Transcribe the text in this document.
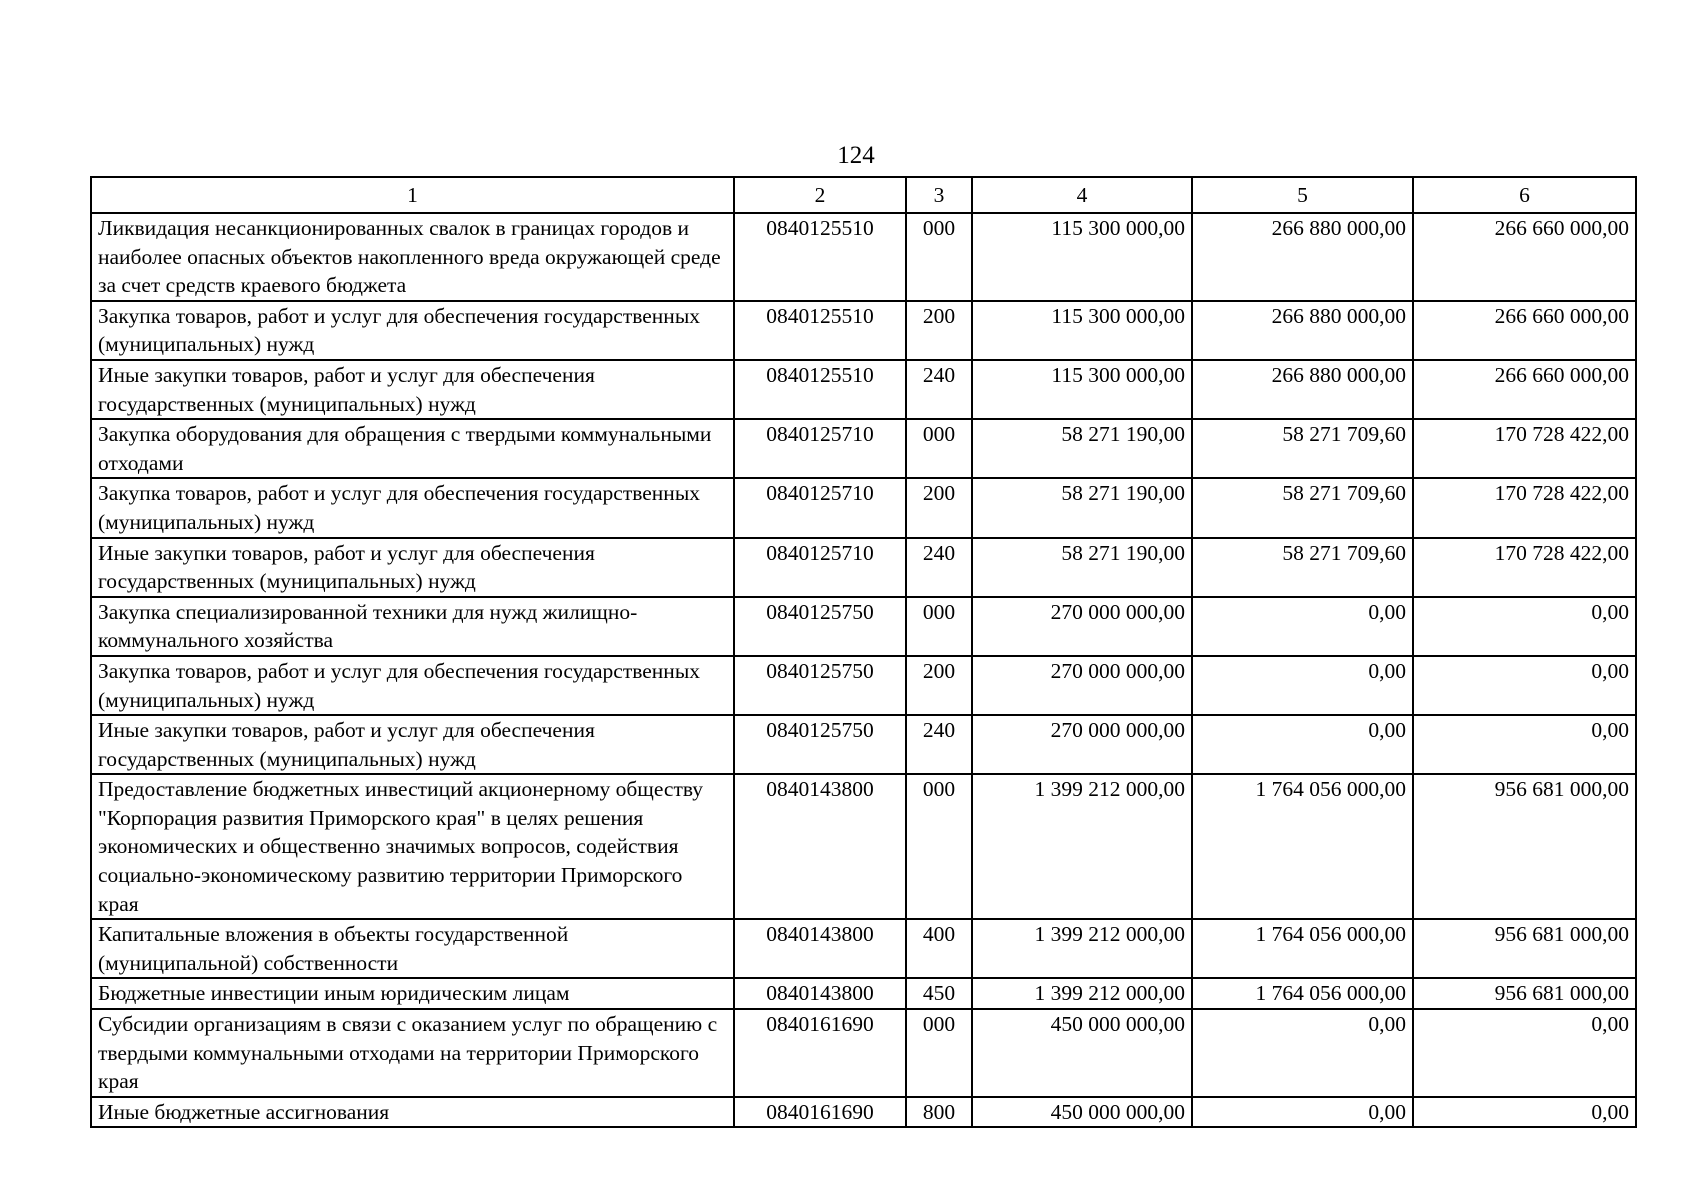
124
1	2	3	4	5	6
Ликвидация несанкционированных свалок в границах городов и наиболее опасных объектов накопленного вреда окружающей среде за счет средств краевого бюджета	0840125510	000	115 300 000,00	266 880 000,00	266 660 000,00
Закупка товаров, работ и услуг для обеспечения государственных (муниципальных) нужд	0840125510	200	115 300 000,00	266 880 000,00	266 660 000,00
Иные закупки товаров, работ и услуг для обеспечения государственных (муниципальных) нужд	0840125510	240	115 300 000,00	266 880 000,00	266 660 000,00
Закупка оборудования для обращения с твердыми коммунальными отходами	0840125710	000	58 271 190,00	58 271 709,60	170 728 422,00
Закупка товаров, работ и услуг для обеспечения государственных (муниципальных) нужд	0840125710	200	58 271 190,00	58 271 709,60	170 728 422,00
Иные закупки товаров, работ и услуг для обеспечения государственных (муниципальных) нужд	0840125710	240	58 271 190,00	58 271 709,60	170 728 422,00
Закупка специализированной техники для нужд жилищно-коммунального хозяйства	0840125750	000	270 000 000,00	0,00	0,00
Закупка товаров, работ и услуг для обеспечения государственных (муниципальных) нужд	0840125750	200	270 000 000,00	0,00	0,00
Иные закупки товаров, работ и услуг для обеспечения государственных (муниципальных) нужд	0840125750	240	270 000 000,00	0,00	0,00
Предоставление бюджетных инвестиций акционерному обществу "Корпорация развития Приморского края" в целях решения экономических и общественно значимых вопросов, содействия социально-экономическому развитию территории Приморского края	0840143800	000	1 399 212 000,00	1 764 056 000,00	956 681 000,00
Капитальные вложения в объекты государственной (муниципальной) собственности	0840143800	400	1 399 212 000,00	1 764 056 000,00	956 681 000,00
Бюджетные инвестиции иным юридическим лицам	0840143800	450	1 399 212 000,00	1 764 056 000,00	956 681 000,00
Субсидии организациям в связи с оказанием услуг по обращению с твердыми коммунальными отходами на территории Приморского края	0840161690	000	450 000 000,00	0,00	0,00
Иные бюджетные ассигнования	0840161690	800	450 000 000,00	0,00	0,00
